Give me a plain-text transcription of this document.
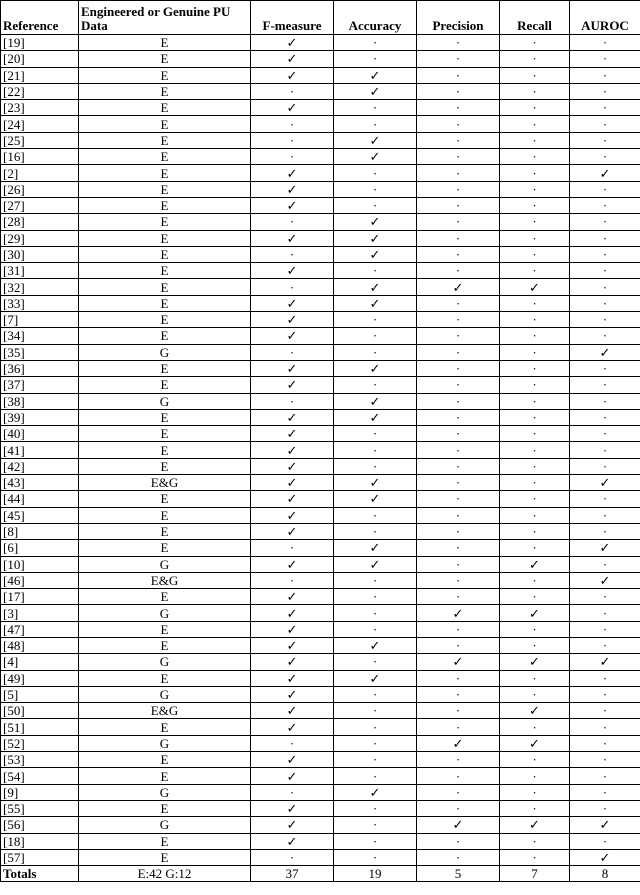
Reference	Engineered or Genuine PU Data	F-measure	Accuracy	Precision	Recall	AUROC
[19]	E	✓	·	·	·	·
[20]	E	✓	·	·	·	·
[21]	E	✓	✓	·	·	·
[22]	E	·	✓	·	·	·
[23]	E	✓	·	·	·	·
[24]	E	·	·	·	·	·
[25]	E	·	✓	·	·	·
[16]	E	·	✓	·	·	·
[2]	E	✓	·	·	·	✓
[26]	E	✓	·	·	·	·
[27]	E	✓	·	·	·	·
[28]	E	·	✓	·	·	·
[29]	E	✓	✓	·	·	·
[30]	E	·	✓	·	·	·
[31]	E	✓	·	·	·	·
[32]	E	·	✓	✓	✓	·
[33]	E	✓	✓	·	·	·
[7]	E	✓	·	·	·	·
[34]	E	✓	·	·	·	·
[35]	G	·	·	·	·	✓
[36]	E	✓	✓	·	·	·
[37]	E	✓	·	·	·	·
[38]	G	·	✓	·	·	·
[39]	E	✓	✓	·	·	·
[40]	E	✓	·	·	·	·
[41]	E	✓	·	·	·	·
[42]	E	✓	·	·	·	·
[43]	E&G	✓	✓	·	·	✓
[44]	E	✓	✓	·	·	·
[45]	E	✓	·	·	·	·
[8]	E	✓	·	·	·	·
[6]	E	·	✓	·	·	✓
[10]	G	✓	✓	·	✓	·
[46]	E&G	·	·	·	·	✓
[17]	E	✓	·	·	·	·
[3]	G	✓	·	✓	✓	·
[47]	E	✓	·	·	·	·
[48]	E	✓	✓	·	·	·
[4]	G	✓	·	✓	✓	✓
[49]	E	✓	✓	·	·	·
[5]	G	✓	·	·	·	·
[50]	E&G	✓	·	·	✓	·
[51]	E	✓	·	·	·	·
[52]	G	·	·	✓	✓	·
[53]	E	✓	·	·	·	·
[54]	E	✓	·	·	·	·
[9]	G	·	✓	·	·	·
[55]	E	✓	·	·	·	·
[56]	G	✓	·	✓	✓	✓
[18]	E	✓	·	·	·	·
[57]	E	·	·	·	·	✓
Totals	E:42 G:12	37	19	5	7	8
